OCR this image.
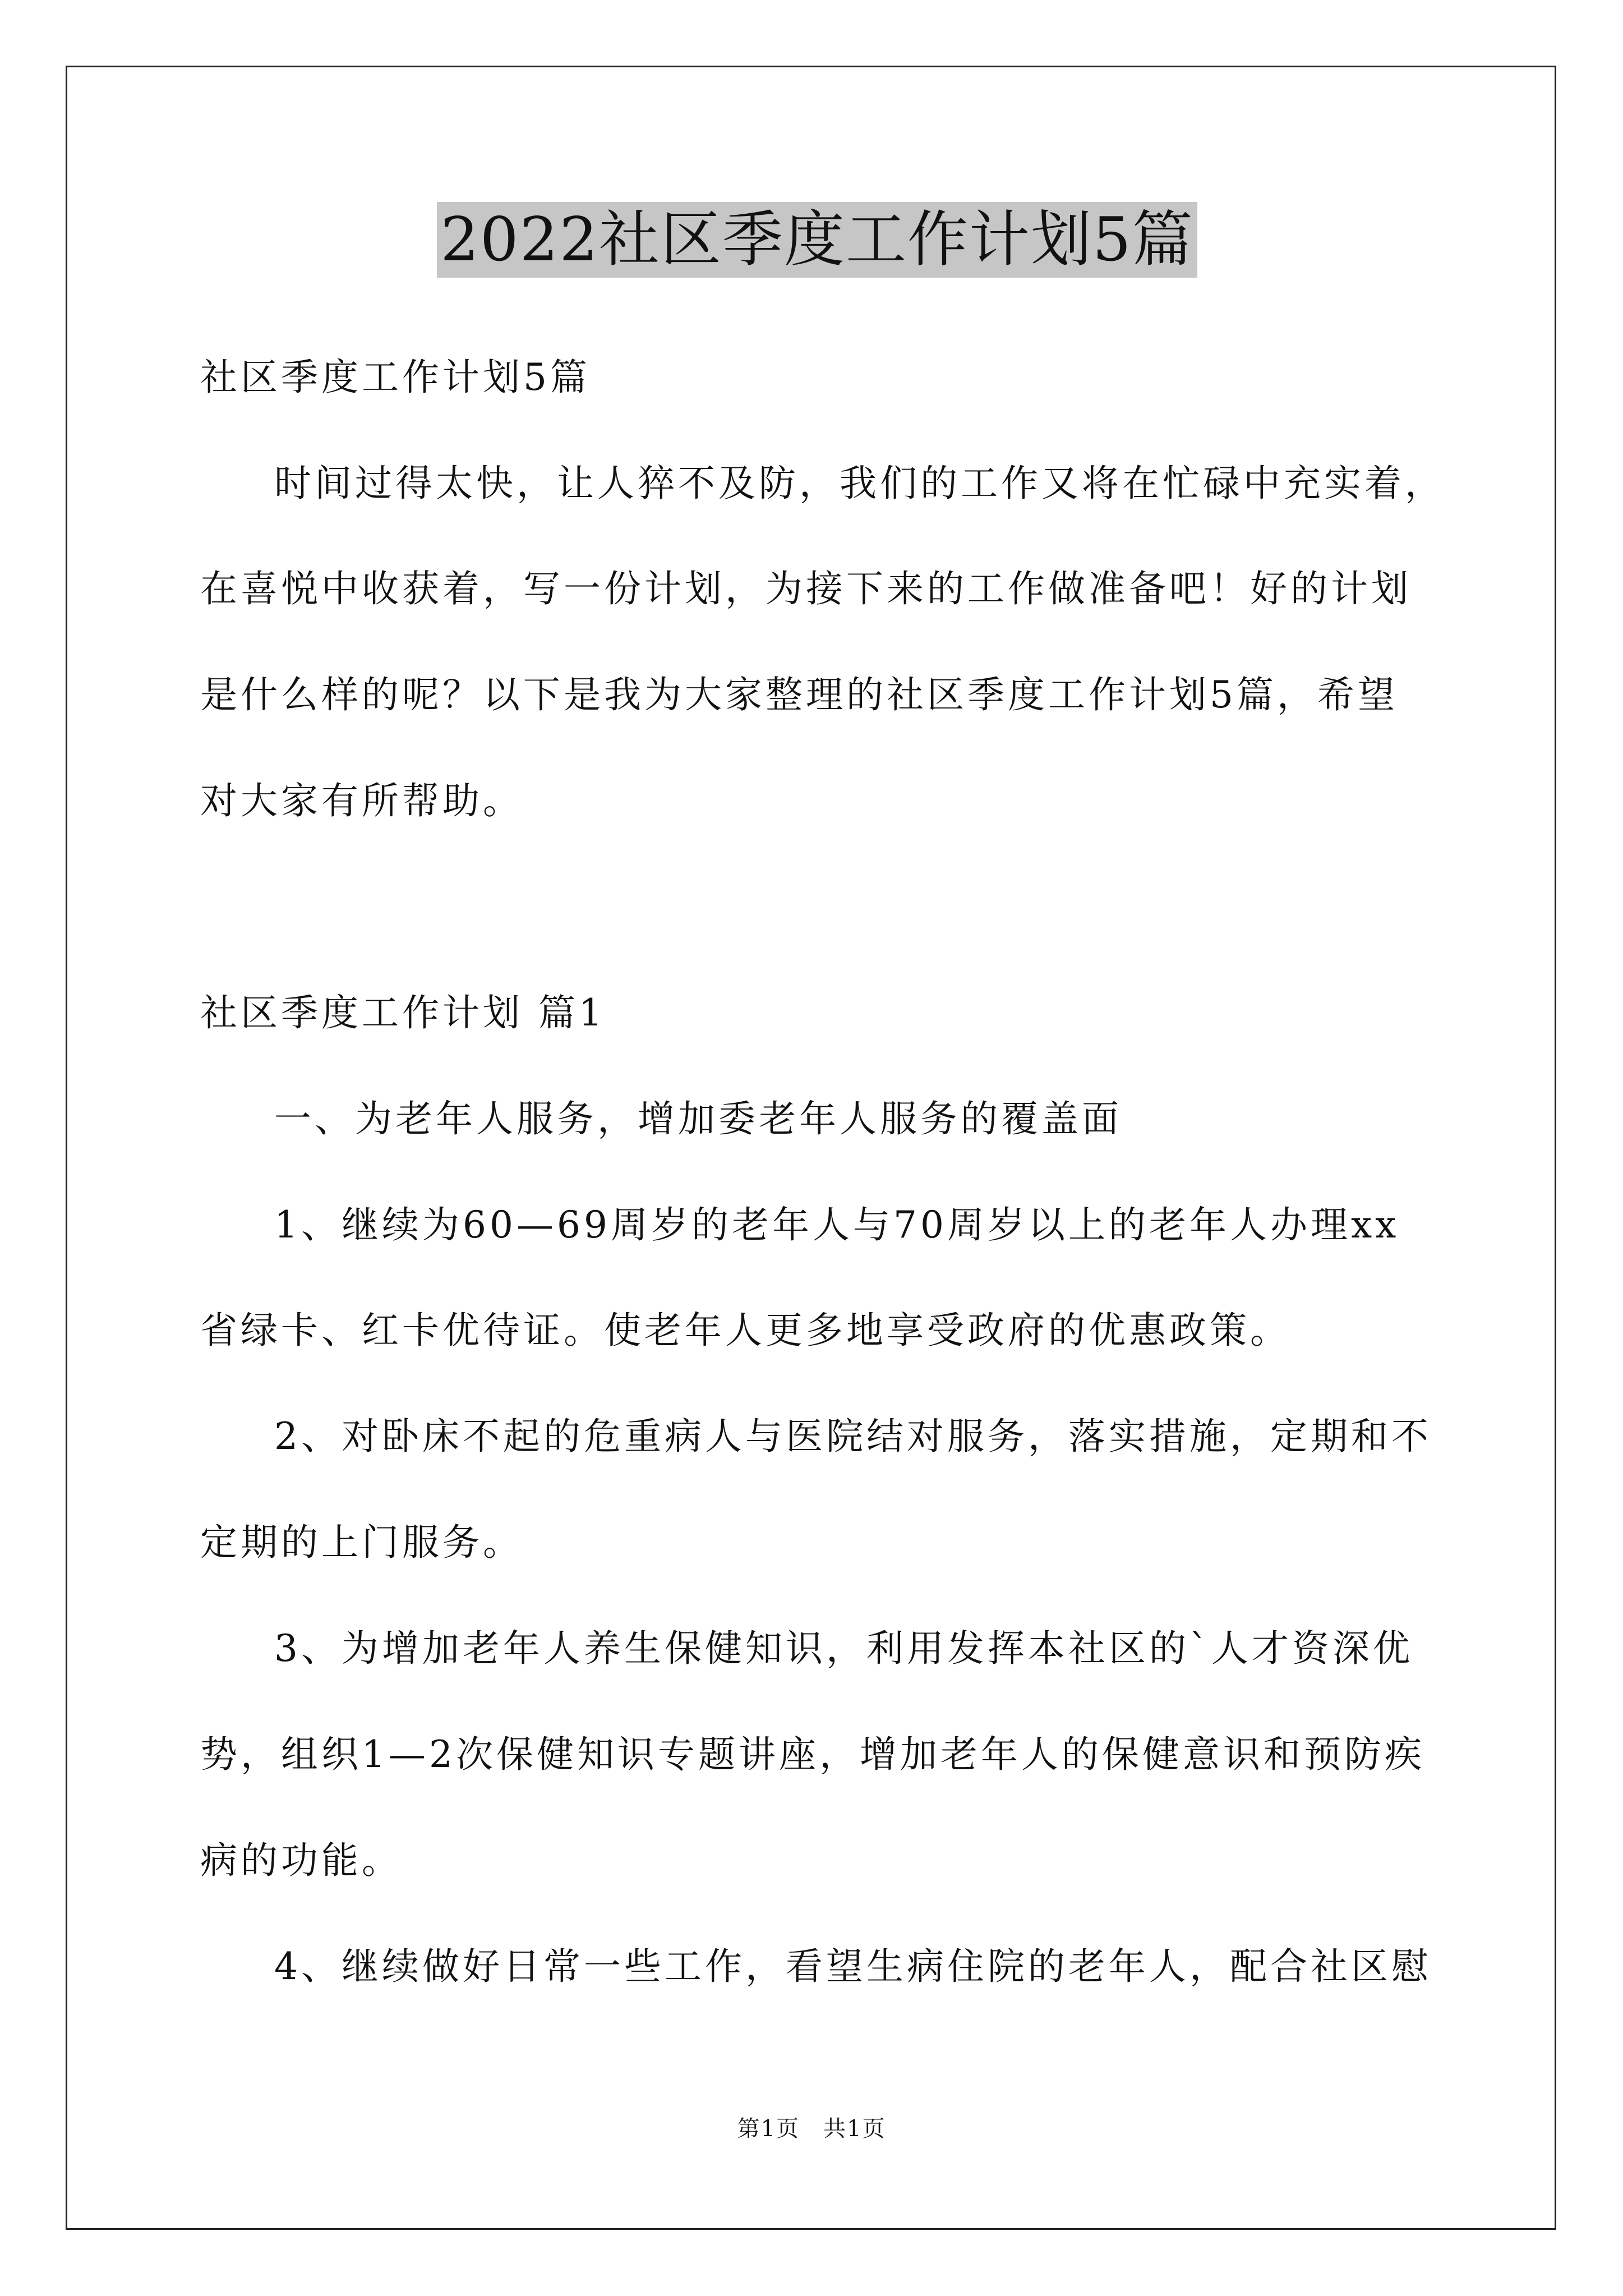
2022社区季度工作计划5篇
社区季度工作计划5篇
时间过得太快，让人猝不及防，我们的工作又将在忙碌中充实着，
在喜悦中收获着，写一份计划，为接下来的工作做准备吧！好的计划
是什么样的呢？以下是我为大家整理的社区季度工作计划5篇，希望
对大家有所帮助。
社区季度工作计划 篇1
一、为老年人服务，增加委老年人服务的覆盖面
1、继续为60—69周岁的老年人与70周岁以上的老年人办理xx
省绿卡、红卡优待证。使老年人更多地享受政府的优惠政策。
2、对卧床不起的危重病人与医院结对服务，落实措施，定期和不
定期的上门服务。
3、为增加老年人养生保健知识，利用发挥本社区的`人才资深优
势，组织1—2次保健知识专题讲座，增加老年人的保健意识和预防疾
病的功能。
4、继续做好日常一些工作，看望生病住院的老年人，配合社区慰
第1页　共1页
